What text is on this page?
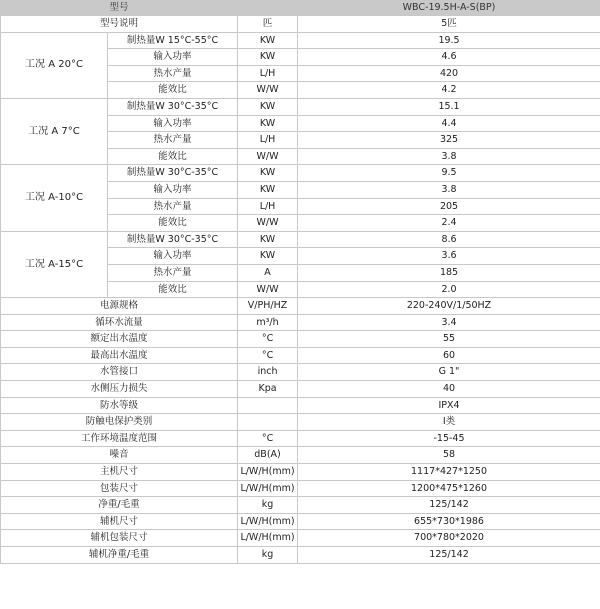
型号			WBC-19.5H-A-S(BP)
型号说明		匹	5匹
工况 A 20°C	制热量W 15°C-55°C	KW	19.5
	输入功率	KW	4.6
	热水产量	L/H	420
	能效比	W/W	4.2
工况 A 7°C	制热量W 30°C-35°C	KW	15.1
	输入功率	KW	4.4
	热水产量	L/H	325
	能效比	W/W	3.8
工况 A-10°C	制热量W 30°C-35°C	KW	9.5
	输入功率	KW	3.8
	热水产量	L/H	205
	能效比	W/W	2.4
工况 A-15°C	制热量W 30°C-35°C	KW	8.6
	输入功率	KW	3.6
	热水产量	A	185
	能效比	W/W	2.0
电源规格		V/PH/HZ	220-240V/1/50HZ
循环水流量		m³/h	3.4
额定出水温度		°C	55
最高出水温度		°C	60
水管接口		inch	G 1"
水侧压力损失		Kpa	40
防水等级			IPX4
防触电保护类别			I类
工作环境温度范围		°C	-15-45
噪音		dB(A)	58
主机尺寸		L/W/H(mm)	1117*427*1250
包装尺寸		L/W/H(mm)	1200*475*1260
净重/毛重		kg	125/142
辅机尺寸		L/W/H(mm)	655*730*1986
辅机包装尺寸		L/W/H(mm)	700*780*2020
辅机净重/毛重		kg	125/142
